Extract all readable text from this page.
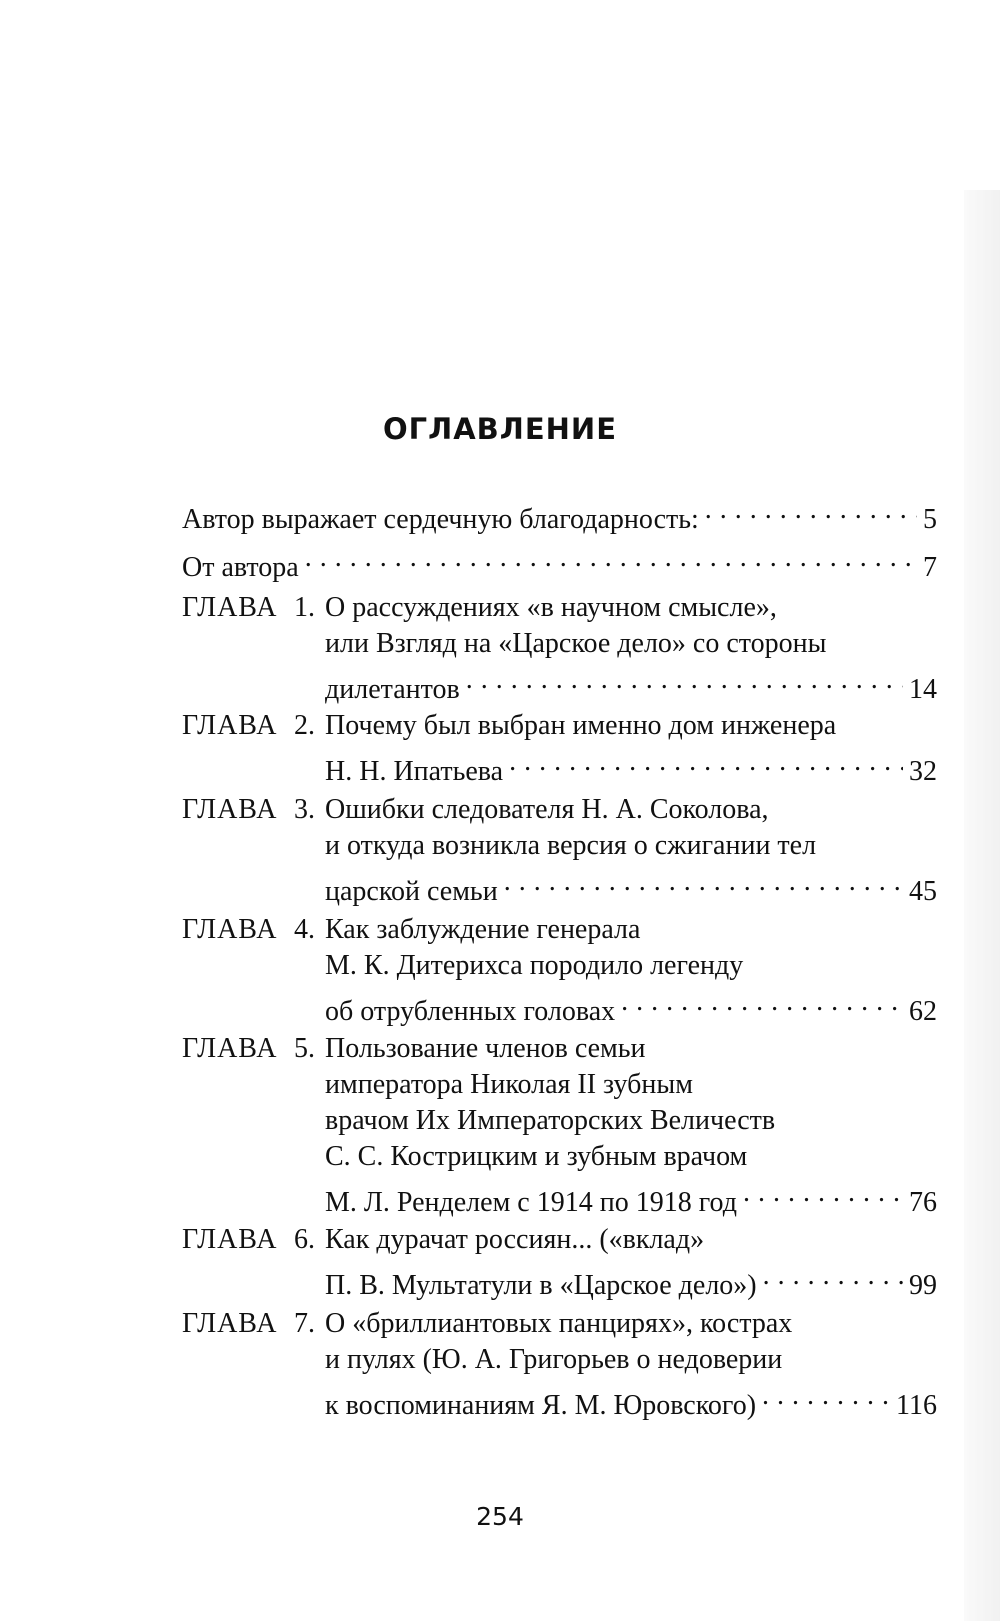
ОГЛАВЛЕНИЕ
Автор выражает сердечную благодарность: . . .	5
От автора . . .	7
ГЛАВА 1. О рассуждениях «в научном смысле»,
или Взгляд на «Царское дело» со стороны
дилетантов . . .	14
ГЛАВА 2. Почему был выбран именно дом инженера
Н. Н. Ипатьева . . .	32
ГЛАВА 3. Ошибки следователя Н. А. Соколова,
и откуда возникла версия о сжигании тел
царской семьи . . .	45
ГЛАВА 4. Как заблуждение генерала
М. К. Дитерихса породило легенду
об отрубленных головах . . .	62
ГЛАВА 5. Пользование членов семьи
императора Николая II зубным
врачом Их Императорских Величеств
С. С. Кострицким и зубным врачом
М. Л. Ренделем с 1914 по 1918 год . . .	76
ГЛАВА 6. Как дурачат россиян... («вклад»
П. В. Мультатули в «Царское дело») . . .	99
ГЛАВА 7. О «бриллиантовых панцирях», кострах
и пулях (Ю. А. Григорьев о недоверии
к воспоминаниям Я. М. Юровского) . . .	116
254
